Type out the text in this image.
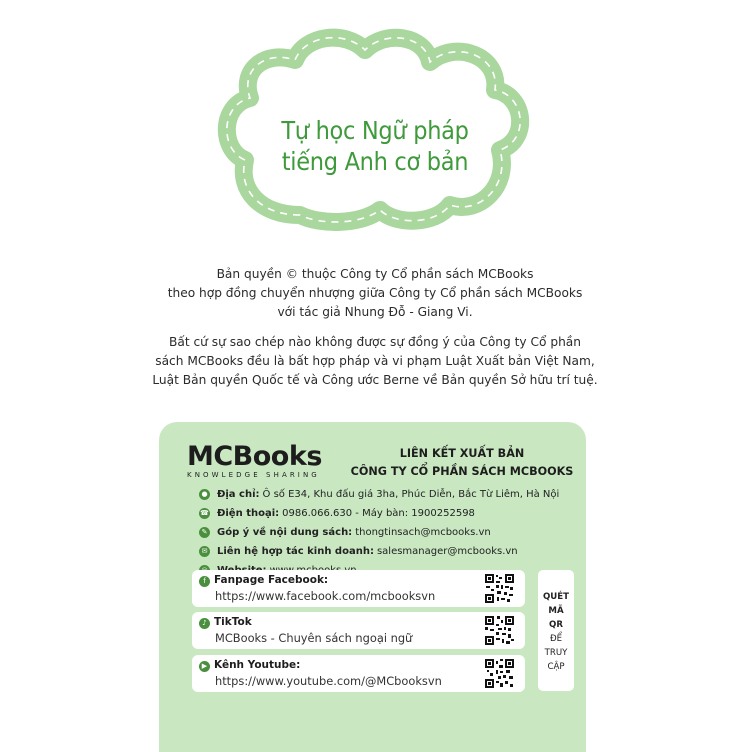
Tự học Ngữ pháp
tiếng Anh cơ bản

Bản quyền © thuộc Công ty Cổ phần sách MCBooks

theo hợp đồng chuyển nhượng giữa Công ty Cổ phần sách MCBooks

với tác giả Nhung Đỗ - Giang Vi.

Bất cứ sự sao chép nào không được sự đồng ý của Công ty Cổ phần

sách MCBooks đều là bất hợp pháp và vi phạm Luật Xuất bản Việt Nam,

Luật Bản quyền Quốc tế và Công ước Berne về Bản quyền Sở hữu trí tuệ.

MCBooks
KNOWLEDGE SHARING
LIÊN KẾT XUẤT BẢN
CÔNG TY CỔ PHẦN SÁCH MCBOOKS
● Địa chỉ: Ô số E34, Khu đấu giá 3ha, Phúc Diễn, Bắc Từ Liêm, Hà Nội
☎ Điện thoại: 0986.066.630 - Máy bàn: 1900252598
✎ Góp ý về nội dung sách: thongtinsach@mcbooks.vn
✉ Liên hệ hợp tác kinh doanh: salesmanager@mcbooks.vn
f Fanpage Facebook:
https://www.facebook.com/mcbooksvn
♪ TikTok
MCBooks - Chuyên sách ngoại ngữ
▶ Kênh Youtube:
https://www.youtube.com/@MCbooksvn
QUÉT
MÃ
QR
ĐỂ
TRUY
CẬP
